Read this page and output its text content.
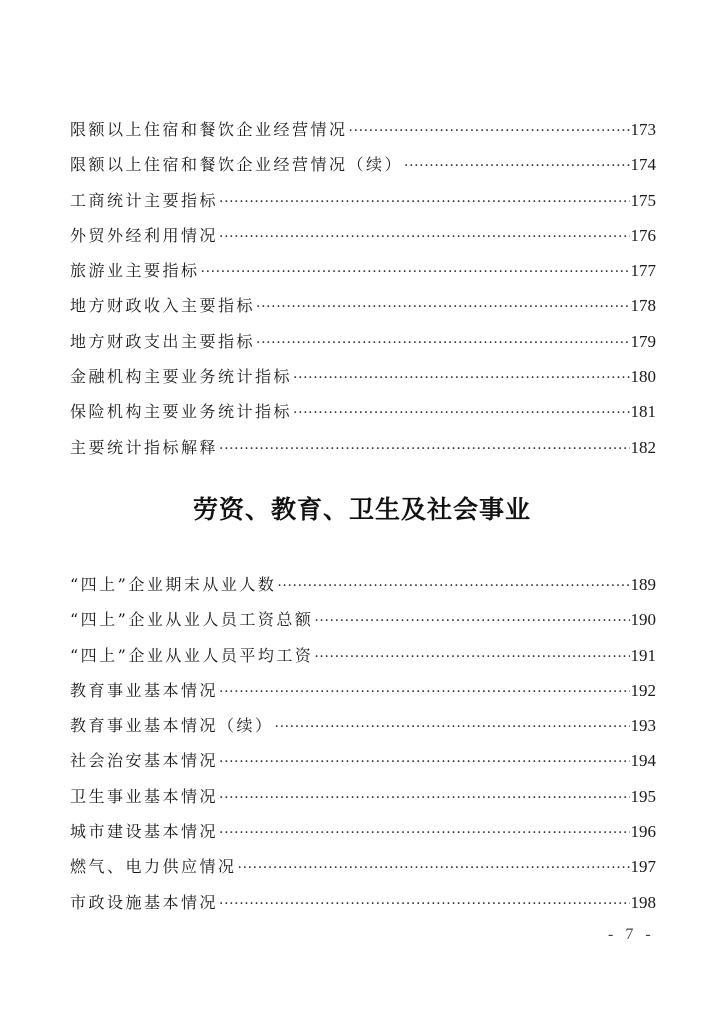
限额以上住宿和餐饮企业经营情况 ·····	173
限额以上住宿和餐饮企业经营情况（续） ·····	174
工商统计主要指标 ·····	175
外贸外经利用情况 ·····	176
旅游业主要指标 ·····	177
地方财政收入主要指标 ·····	178
地方财政支出主要指标 ·····	179
金融机构主要业务统计指标 ·····	180
保险机构主要业务统计指标 ·····	181
主要统计指标解释 ·····	182
劳资、教育、卫生及社会事业
“四上”企业期末从业人数 ·····	189
“四上”企业从业人员工资总额 ·····	190
“四上”企业从业人员平均工资 ·····	191
教育事业基本情况 ·····	192
教育事业基本情况（续） ·····	193
社会治安基本情况 ·····	194
卫生事业基本情况 ·····	195
城市建设基本情况 ·····	196
燃气、电力供应情况 ·····	197
市政设施基本情况 ·····	198
- 7 -
